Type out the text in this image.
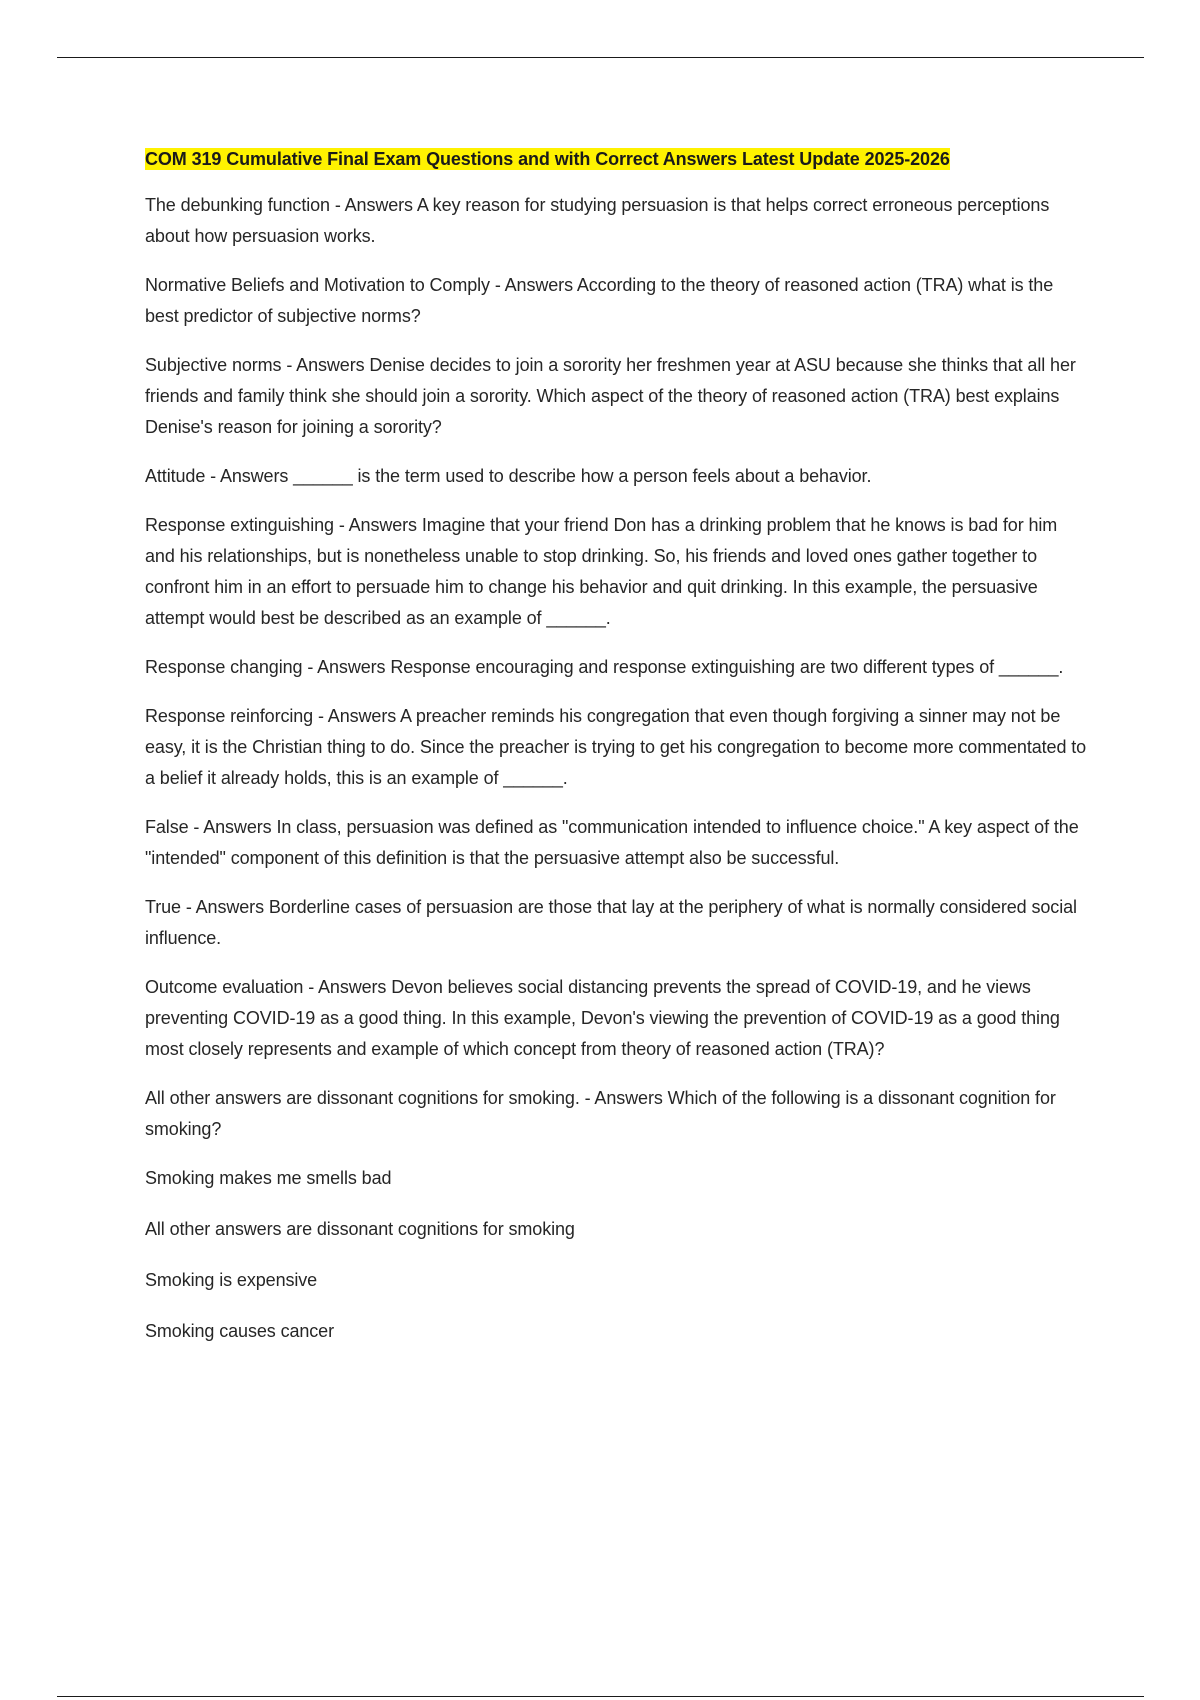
COM 319 Cumulative Final Exam Questions and with Correct Answers Latest Update 2025-2026

The debunking function - Answers A key reason for studying persuasion is that helps correct erroneous perceptions about how persuasion works.

Normative Beliefs and Motivation to Comply - Answers According to the theory of reasoned action (TRA) what is the best predictor of subjective norms?

Subjective norms - Answers Denise decides to join a sorority her freshmen year at ASU because she thinks that all her friends and family think she should join a sorority. Which aspect of the theory of reasoned action (TRA) best explains Denise's reason for joining a sorority?

Attitude - Answers ______ is the term used to describe how a person feels about a behavior.

Response extinguishing - Answers Imagine that your friend Don has a drinking problem that he knows is bad for him and his relationships, but is nonetheless unable to stop drinking. So, his friends and loved ones gather together to confront him in an effort to persuade him to change his behavior and quit drinking. In this example, the persuasive attempt would best be described as an example of ______.

Response changing - Answers Response encouraging and response extinguishing are two different types of ______.

Response reinforcing - Answers A preacher reminds his congregation that even though forgiving a sinner may not be easy, it is the Christian thing to do. Since the preacher is trying to get his congregation to become more commentated to a belief it already holds, this is an example of ______.

False - Answers In class, persuasion was defined as "communication intended to influence choice." A key aspect of the "intended" component of this definition is that the persuasive attempt also be successful.

True - Answers Borderline cases of persuasion are those that lay at the periphery of what is normally considered social influence.

Outcome evaluation - Answers Devon believes social distancing prevents the spread of COVID-19, and he views preventing COVID-19 as a good thing. In this example, Devon's viewing the prevention of COVID-19 as a good thing most closely represents and example of which concept from theory of reasoned action (TRA)?

All other answers are dissonant cognitions for smoking. - Answers Which of the following is a dissonant cognition for smoking?

Smoking makes me smells bad

All other answers are dissonant cognitions for smoking

Smoking is expensive

Smoking causes cancer
